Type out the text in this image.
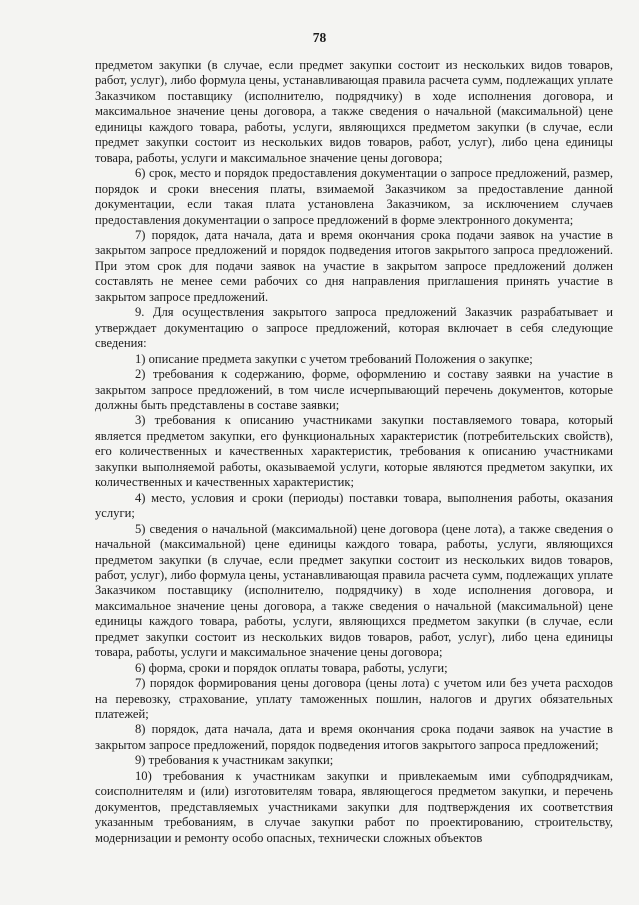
78

предметом закупки (в случае, если предмет закупки состоит из нескольких видов товаров, работ, услуг), либо формула цены, устанавливающая правила расчета сумм, подлежащих уплате Заказчиком поставщику (исполнителю, подрядчику) в ходе исполнения договора, и максимальное значение цены договора, а также сведения о начальной (максимальной) цене единицы каждого товара, работы, услуги, являющихся предметом закупки (в случае, если предмет закупки состоит из нескольких видов товаров, работ, услуг), либо цена единицы товара, работы, услуги и максимальное значение цены договора;

6) срок, место и порядок предоставления документации о запросе предложений, размер, порядок и сроки внесения платы, взимаемой Заказчиком за предоставление данной документации, если такая плата установлена Заказчиком, за исключением случаев предоставления документации о запросе предложений в форме электронного документа;

7) порядок, дата начала, дата и время окончания срока подачи заявок на участие в закрытом запросе предложений и порядок подведения итогов закрытого запроса предложений. При этом срок для подачи заявок на участие в закрытом запросе предложений должен составлять не менее семи рабочих со дня направления приглашения принять участие в закрытом запросе предложений.

9. Для осуществления закрытого запроса предложений Заказчик разрабатывает и утверждает документацию о запросе предложений, которая включает в себя следующие сведения:

1) описание предмета закупки с учетом требований Положения о закупке;

2) требования к содержанию, форме, оформлению и составу заявки на участие в закрытом запросе предложений, в том числе исчерпывающий перечень документов, которые должны быть представлены в составе заявки;

3) требования к описанию участниками закупки поставляемого товара, который является предметом закупки, его функциональных характеристик (потребительских свойств), его количественных и качественных характеристик, требования к описанию участниками закупки выполняемой работы, оказываемой услуги, которые являются предметом закупки, их количественных и качественных характеристик;

4) место, условия и сроки (периоды) поставки товара, выполнения работы, оказания услуги;

5) сведения о начальной (максимальной) цене договора (цене лота), а также сведения о начальной (максимальной) цене единицы каждого товара, работы, услуги, являющихся предметом закупки (в случае, если предмет закупки состоит из нескольких видов товаров, работ, услуг), либо формула цены, устанавливающая правила расчета сумм, подлежащих уплате Заказчиком поставщику (исполнителю, подрядчику) в ходе исполнения договора, и максимальное значение цены договора, а также сведения о начальной (максимальной) цене единицы каждого товара, работы, услуги, являющихся предметом закупки (в случае, если предмет закупки состоит из нескольких видов товаров, работ, услуг), либо цена единицы товара, работы, услуги и максимальное значение цены договора;

6) форма, сроки и порядок оплаты товара, работы, услуги;

7) порядок формирования цены договора (цены лота) с учетом или без учета расходов на перевозку, страхование, уплату таможенных пошлин, налогов и других обязательных платежей;

8) порядок, дата начала, дата и время окончания срока подачи заявок на участие в закрытом запросе предложений, порядок подведения итогов закрытого запроса предложений;

9) требования к участникам закупки;

10) требования к участникам закупки и привлекаемым ими субподрядчикам, соисполнителям и (или) изготовителям товара, являющегося предметом закупки, и перечень документов, представляемых участниками закупки для подтверждения их соответствия указанным требованиям, в случае закупки работ по проектированию, строительству, модернизации и ремонту особо опасных, технически сложных объектов
